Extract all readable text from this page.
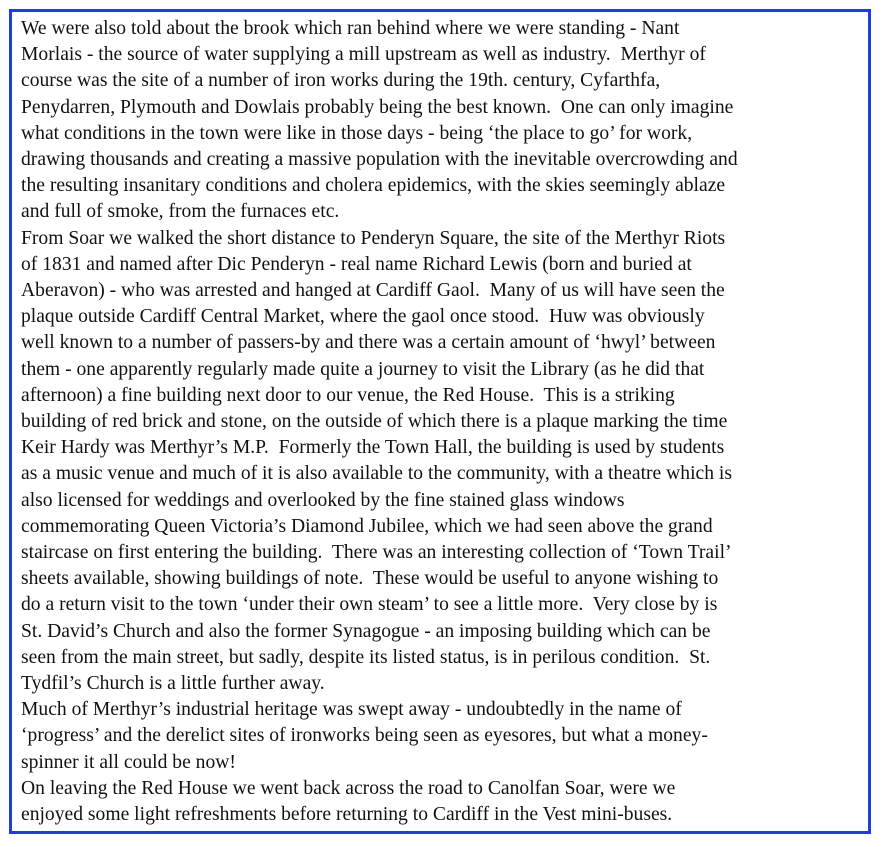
We were also told about the brook which ran behind where we were standing - Nant
Morlais - the source of water supplying a mill upstream as well as industry.  Merthyr of
course was the site of a number of iron works during the 19th. century, Cyfarthfa,
Penydarren, Plymouth and Dowlais probably being the best known.  One can only imagine
what conditions in the town were like in those days - being ‘the place to go’ for work,
drawing thousands and creating a massive population with the inevitable overcrowding and
the resulting insanitary conditions and cholera epidemics, with the skies seemingly ablaze
and full of smoke, from the furnaces etc.

From Soar we walked the short distance to Penderyn Square, the site of the Merthyr Riots
of 1831 and named after Dic Penderyn - real name Richard Lewis (born and buried at
Aberavon) - who was arrested and hanged at Cardiff Gaol.  Many of us will have seen the
plaque outside Cardiff Central Market, where the gaol once stood.  Huw was obviously
well known to a number of passers-by and there was a certain amount of ‘hwyl’ between
them - one apparently regularly made quite a journey to visit the Library (as he did that
afternoon) a fine building next door to our venue, the Red House.  This is a striking
building of red brick and stone, on the outside of which there is a plaque marking the time
Keir Hardy was Merthyr’s M.P.  Formerly the Town Hall, the building is used by students
as a music venue and much of it is also available to the community, with a theatre which is
also licensed for weddings and overlooked by the fine stained glass windows
commemorating Queen Victoria’s Diamond Jubilee, which we had seen above the grand
staircase on first entering the building.  There was an interesting collection of ‘Town Trail’
sheets available, showing buildings of note.  These would be useful to anyone wishing to
do a return visit to the town ‘under their own steam’ to see a little more.  Very close by is
St. David’s Church and also the former Synagogue - an imposing building which can be
seen from the main street, but sadly, despite its listed status, is in perilous condition.  St.
Tydfil’s Church is a little further away.

Much of Merthyr’s industrial heritage was swept away - undoubtedly in the name of
‘progress’ and the derelict sites of ironworks being seen as eyesores, but what a money-
spinner it all could be now!

On leaving the Red House we went back across the road to Canolfan Soar, were we
enjoyed some light refreshments before returning to Cardiff in the Vest mini-buses.
